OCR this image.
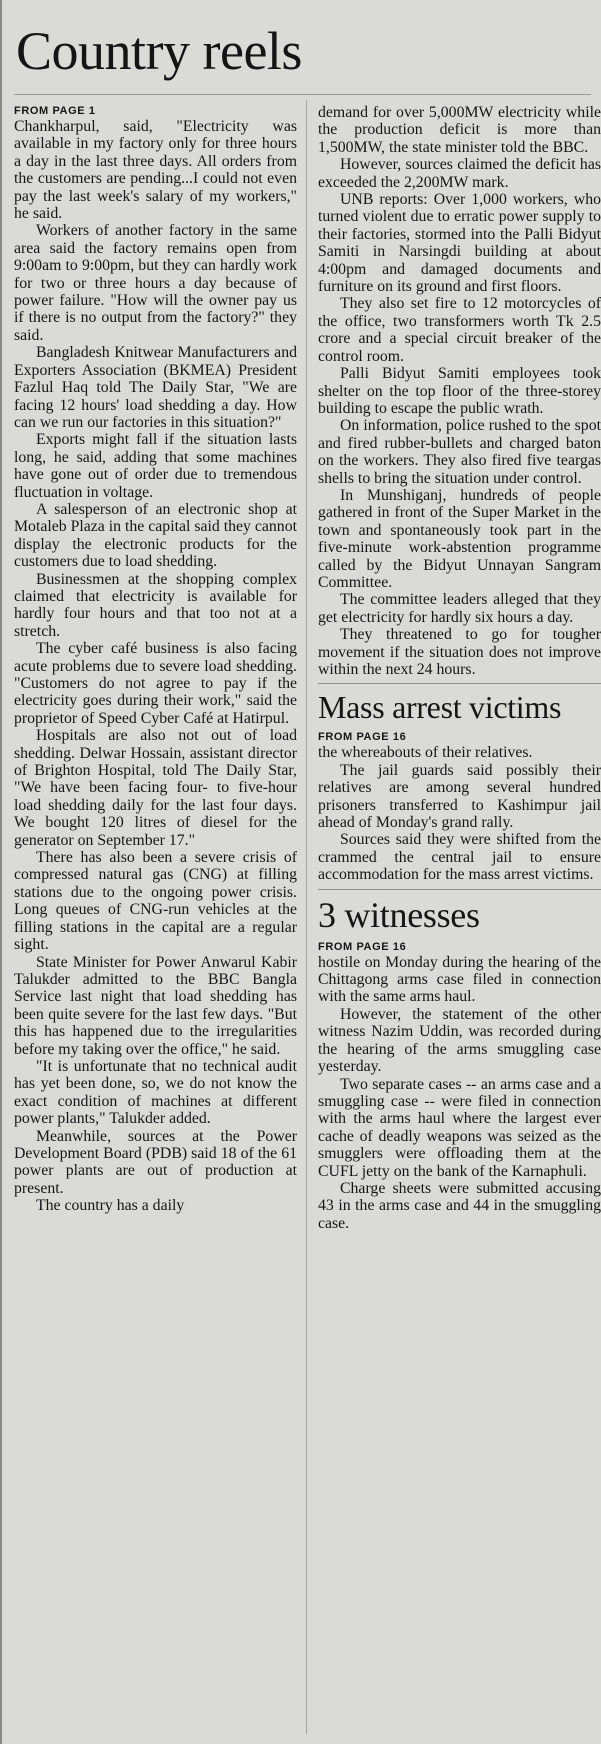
Country reels
FROM PAGE 1

Chankharpul, said, "Electricity was available in my factory only for three hours a day in the last three days. All orders from the customers are pending...I could not even pay the last week's salary of my workers," he said.

Workers of another factory in the same area said the factory remains open from 9:00am to 9:00pm, but they can hardly work for two or three hours a day because of power failure. "How will the owner pay us if there is no output from the factory?" they said.

Bangladesh Knitwear Manufacturers and Exporters Association (BKMEA) President Fazlul Haq told The Daily Star, "We are facing 12 hours' load shedding a day. How can we run our factories in this situation?"

Exports might fall if the situation lasts long, he said, adding that some machines have gone out of order due to tremendous fluctuation in voltage.

A salesperson of an electronic shop at Motaleb Plaza in the capital said they cannot display the electronic products for the customers due to load shedding.

Businessmen at the shopping complex claimed that electricity is available for hardly four hours and that too not at a stretch.

The cyber café business is also facing acute problems due to severe load shedding. "Customers do not agree to pay if the electricity goes during their work," said the proprietor of Speed Cyber Café at Hatirpul.

Hospitals are also not out of load shedding. Delwar Hossain, assistant director of Brighton Hospital, told The Daily Star, "We have been facing four- to five-hour load shedding daily for the last four days. We bought 120 litres of diesel for the generator on September 17."

There has also been a severe crisis of compressed natural gas (CNG) at filling stations due to the ongoing power crisis. Long queues of CNG-run vehicles at the filling stations in the capital are a regular sight.

State Minister for Power Anwarul Kabir Talukder admitted to the BBC Bangla Service last night that load shedding has been quite severe for the last few days. "But this has happened due to the irregularities before my taking over the office," he said.

"It is unfortunate that no technical audit has yet been done, so, we do not know the exact condition of machines at different power plants," Talukder added.

Meanwhile, sources at the Power Development Board (PDB) said 18 of the 61 power plants are out of production at present.

The country has a daily

demand for over 5,000MW electricity while the production deficit is more than 1,500MW, the state minister told the BBC.

However, sources claimed the deficit has exceeded the 2,200MW mark.

UNB reports: Over 1,000 workers, who turned violent due to erratic power supply to their factories, stormed into the Palli Bidyut Samiti in Narsingdi building at about 4:00pm and damaged documents and furniture on its ground and first floors.

They also set fire to 12 motorcycles of the office, two transformers worth Tk 2.5 crore and a special circuit breaker of the control room.

Palli Bidyut Samiti employees took shelter on the top floor of the three-storey building to escape the public wrath.

On information, police rushed to the spot and fired rubber-bullets and charged baton on the workers. They also fired five teargas shells to bring the situation under control.

In Munshiganj, hundreds of people gathered in front of the Super Market in the town and spontaneously took part in the five-minute work-abstention programme called by the Bidyut Unnayan Sangram Committee.

The committee leaders alleged that they get electricity for hardly six hours a day.

They threatened to go for tougher movement if the situation does not improve within the next 24 hours.

Mass arrest victims
FROM PAGE 16

the whereabouts of their relatives.

The jail guards said possibly their relatives are among several hundred prisoners transferred to Kashimpur jail ahead of Monday's grand rally.

Sources said they were shifted from the crammed the central jail to ensure accommodation for the mass arrest victims.

3 witnesses
FROM PAGE 16

hostile on Monday during the hearing of the Chittagong arms case filed in connection with the same arms haul.

However, the statement of the other witness Nazim Uddin, was recorded during the hearing of the arms smuggling case yesterday.

Two separate cases -- an arms case and a smuggling case -- were filed in connection with the arms haul where the largest ever cache of deadly weapons was seized as the smugglers were offloading them at the CUFL jetty on the bank of the Karnaphuli.

Charge sheets were submitted accusing 43 in the arms case and 44 in the smuggling case.
